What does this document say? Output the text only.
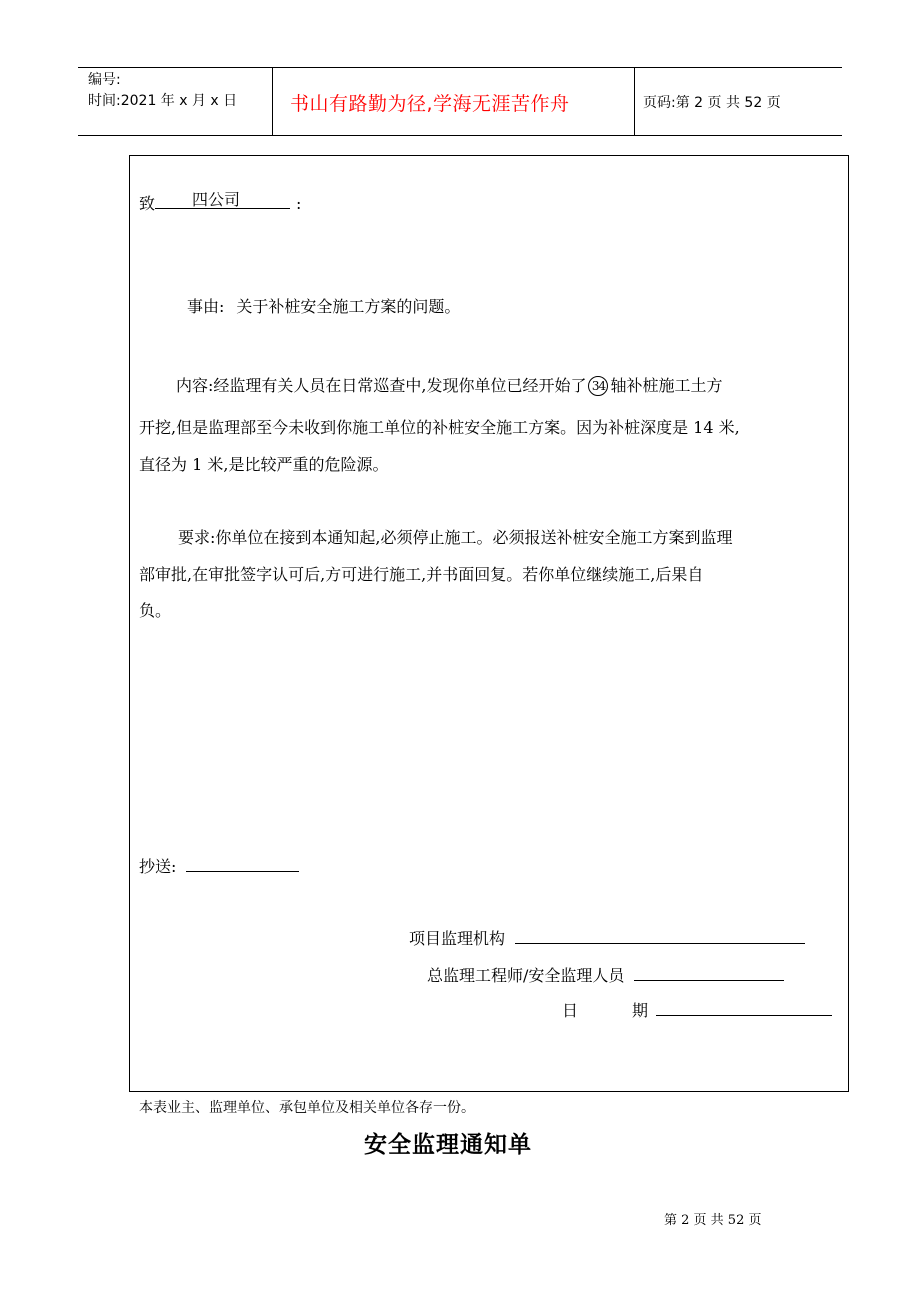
编号:
时间:2021 年 x 月 x 日	书山有路勤为径,学海无涯苦作舟	页码:第 2 页 共 52 页
致 四公司	:
事由: 关于补桩安全施工方案的问题。
内容:经监理有关人员在日常巡查中,发现你单位已经开始了 34 轴补桩施工土方
开挖,但是监理部至今未收到你施工单位的补桩安全施工方案。因为补桩深度是 14 米,
直径为 1 米,是比较严重的危险源。
要求:你单位在接到本通知起,必须停止施工。必须报送补桩安全施工方案到监理
部审批,在审批签字认可后,方可进行施工,并书面回复。若你单位继续施工,后果自
负。
抄送:
项目监理机构
总监理工程师/安全监理人员
日	期
本表业主、监理单位、承包单位及相关单位各存一份。
安全监理通知单
第 2 页 共 52 页
